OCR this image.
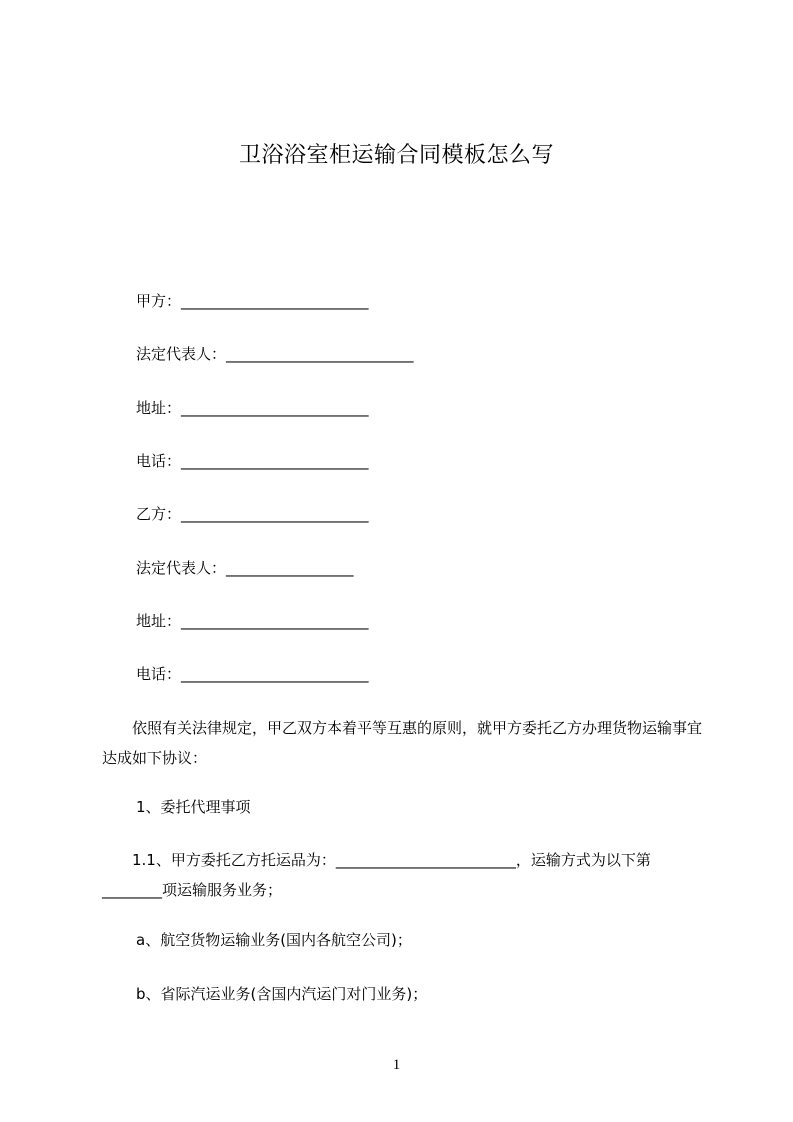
卫浴浴室柜运输合同模板怎么写
甲方：_________________________
法定代表人：_________________________
地址：_________________________
电话：_________________________
乙方：_________________________
法定代表人：_________________
地址：_________________________
电话：_________________________
　　依照有关法律规定，甲乙双方本着平等互惠的原则，就甲方委托乙方办理货物运输事宜达成如下协议：
1、委托代理事项
　　1.1、甲方委托乙方托运品为：________________________，运输方式为以下第________项运输服务业务；
a、航空货物运输业务(国内各航空公司)；
b、省际汽运业务(含国内汽运门对门业务)；
1
